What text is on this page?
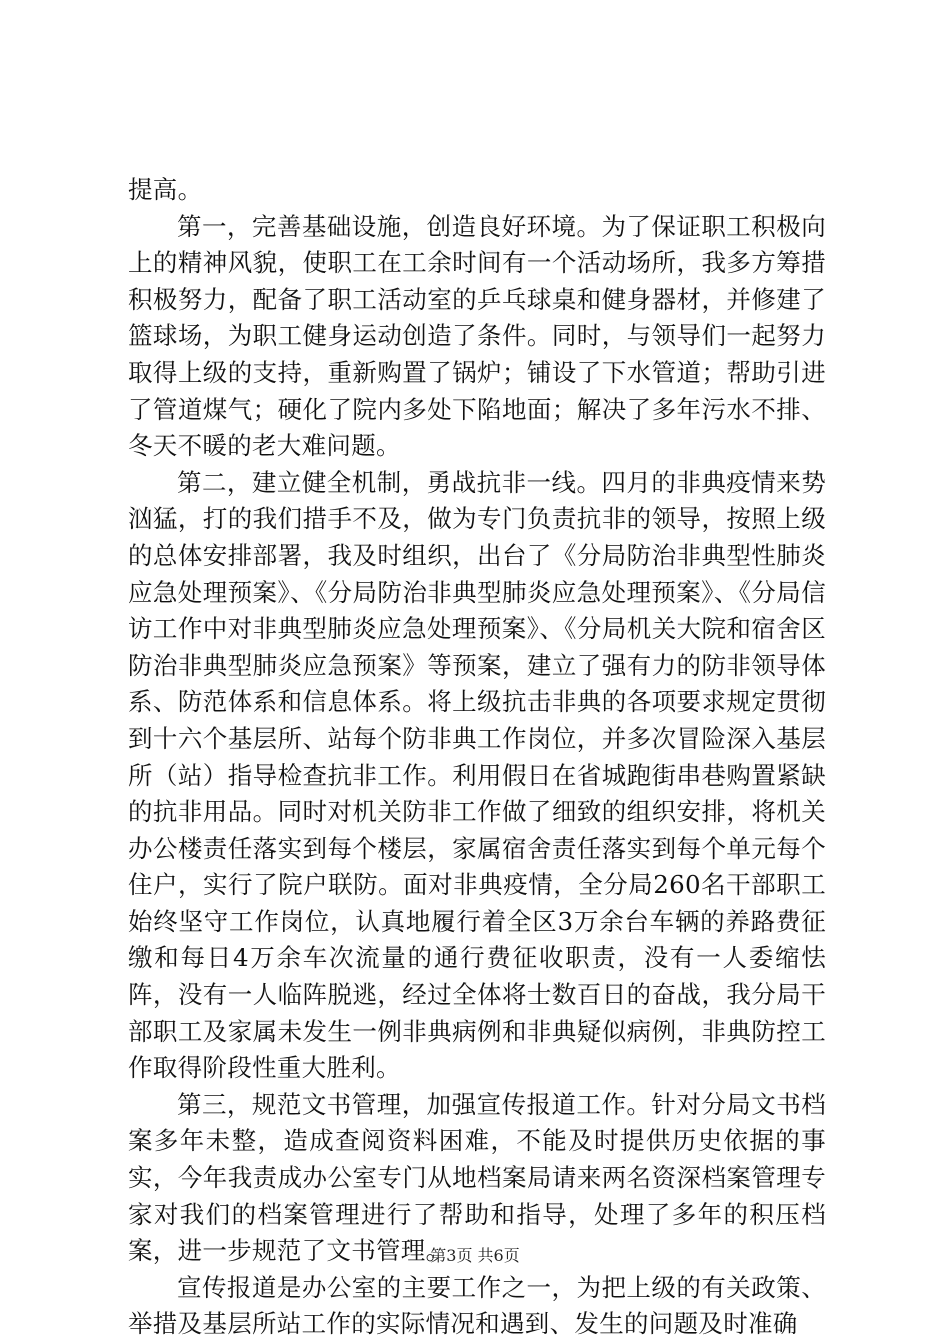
提高。

第一，完善基础设施，创造良好环境。为了保证职工积极向上的精神风貌，使职工在工余时间有一个活动场所，我多方筹措积极努力，配备了职工活动室的乒乓球桌和健身器材，并修建了篮球场，为职工健身运动创造了条件。同时，与领导们一起努力取得上级的支持，重新购置了锅炉；铺设了下水管道；帮助引进了管道煤气；硬化了院内多处下陷地面；解决了多年污水不排、冬天不暖的老大难问题。

第二，建立健全机制，勇战抗非一线。四月的非典疫情来势汹猛，打的我们措手不及，做为专门负责抗非的领导，按照上级的总体安排部署，我及时组织，出台了《分局防治非典型性肺炎应急处理预案》、《分局防治非典型肺炎应急处理预案》、《分局信访工作中对非典型肺炎应急处理预案》、《分局机关大院和宿舍区防治非典型肺炎应急预案》等预案，建立了强有力的防非领导体系、防范体系和信息体系。将上级抗击非典的各项要求规定贯彻到十六个基层所、站每个防非典工作岗位，并多次冒险深入基层所（站）指导检查抗非工作。利用假日在省城跑街串巷购置紧缺的抗非用品。同时对机关防非工作做了细致的组织安排，将机关办公楼责任落实到每个楼层，家属宿舍责任落实到每个单元每个住户，实行了院户联防。面对非典疫情，全分局260名干部职工始终坚守工作岗位，认真地履行着全区3万余台车辆的养路费征缴和每日4万余车次流量的通行费征收职责，没有一人委缩怯阵，没有一人临阵脱逃，经过全体将士数百日的奋战，我分局干部职工及家属未发生一例非典病例和非典疑似病例，非典防控工作取得阶段性重大胜利。

第三，规范文书管理，加强宣传报道工作。针对分局文书档案多年未整，造成查阅资料困难，不能及时提供历史依据的事实，今年我责成办公室专门从地档案局请来两名资深档案管理专家对我们的档案管理进行了帮助和指导，处理了多年的积压档案，进一步规范了文书管理。

宣传报道是办公室的主要工作之一，为把上级的有关政策、举措及基层所站工作的实际情况和遇到、发生的问题及时准确

第3页 共6页
